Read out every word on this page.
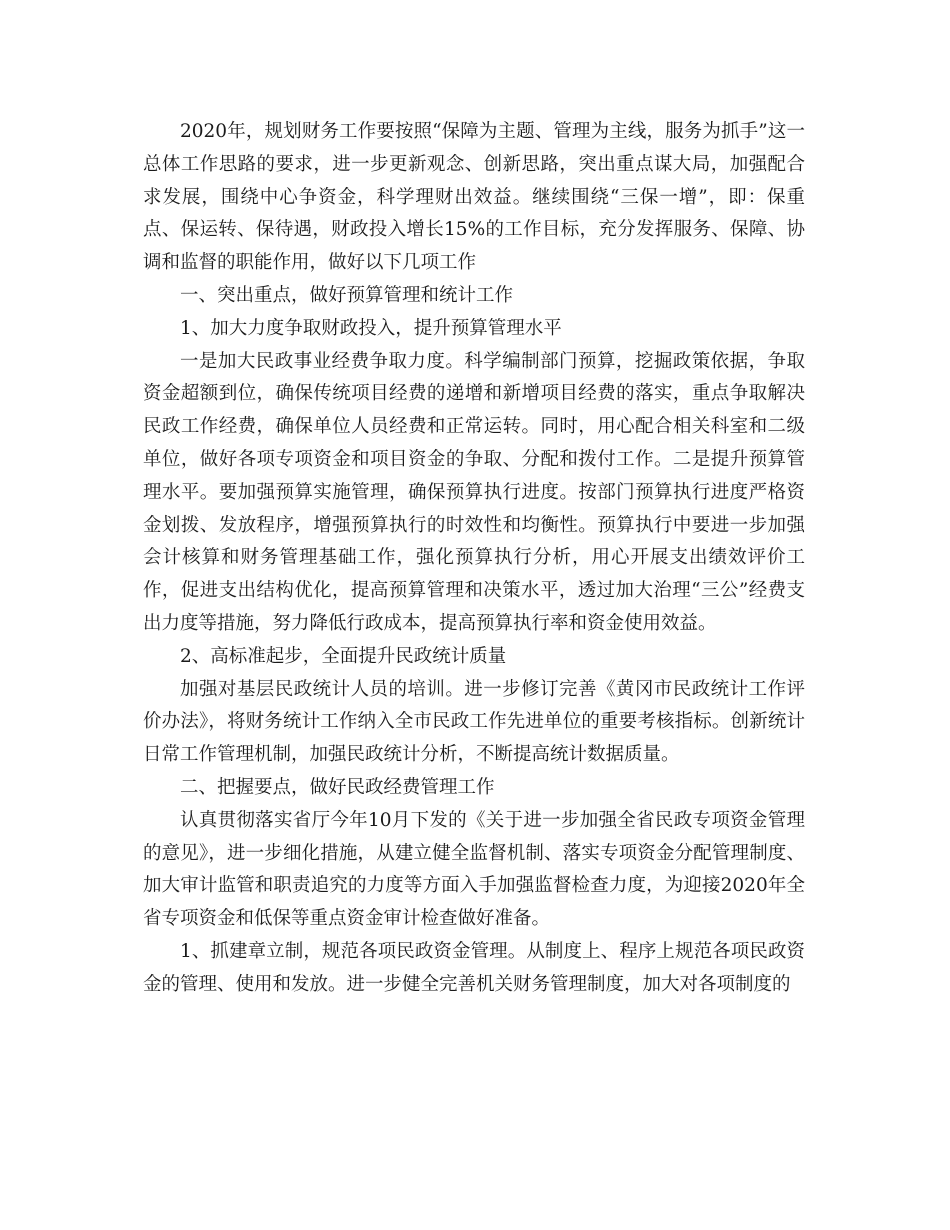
2020年，规划财务工作要按照“保障为主题、管理为主线，服务为抓手”这一总体工作思路的要求，进一步更新观念、创新思路，突出重点谋大局，加强配合求发展，围绕中心争资金，科学理财出效益。继续围绕“三保一增”，即：保重点、保运转、保待遇，财政投入增长15%的工作目标，充分发挥服务、保障、协调和监督的职能作用，做好以下几项工作

一、突出重点，做好预算管理和统计工作

1、加大力度争取财政投入，提升预算管理水平

一是加大民政事业经费争取力度。科学编制部门预算，挖掘政策依据，争取资金超额到位，确保传统项目经费的递增和新增项目经费的落实，重点争取解决民政工作经费，确保单位人员经费和正常运转。同时，用心配合相关科室和二级单位，做好各项专项资金和项目资金的争取、分配和拨付工作。二是提升预算管理水平。要加强预算实施管理，确保预算执行进度。按部门预算执行进度严格资金划拨、发放程序，增强预算执行的时效性和均衡性。预算执行中要进一步加强会计核算和财务管理基础工作，强化预算执行分析，用心开展支出绩效评价工作，促进支出结构优化，提高预算管理和决策水平，透过加大治理“三公”经费支出力度等措施，努力降低行政成本，提高预算执行率和资金使用效益。

2、高标准起步，全面提升民政统计质量

加强对基层民政统计人员的培训。进一步修订完善《黄冈市民政统计工作评价办法》，将财务统计工作纳入全市民政工作先进单位的重要考核指标。创新统计日常工作管理机制，加强民政统计分析，不断提高统计数据质量。

二、把握要点，做好民政经费管理工作

认真贯彻落实省厅今年10月下发的《关于进一步加强全省民政专项资金管理的意见》，进一步细化措施，从建立健全监督机制、落实专项资金分配管理制度、加大审计监管和职责追究的力度等方面入手加强监督检查力度，为迎接2020年全省专项资金和低保等重点资金审计检查做好准备。

1、抓建章立制，规范各项民政资金管理。从制度上、程序上规范各项民政资金的管理、使用和发放。进一步健全完善机关财务管理制度，加大对各项制度的
